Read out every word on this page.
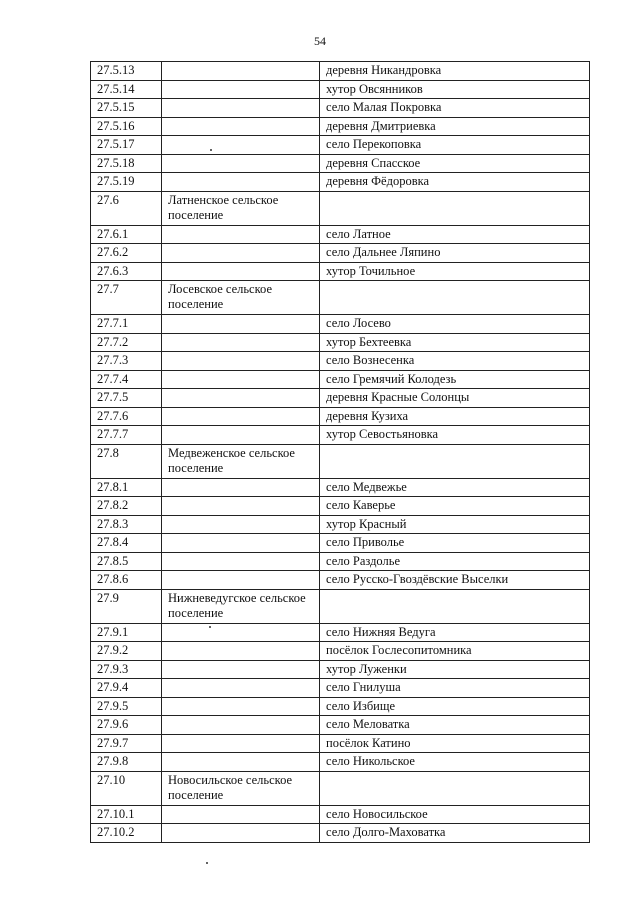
54
27.5.13		деревня Никандровка
27.5.14		хутор Овсянников
27.5.15		село Малая Покровка
27.5.16		деревня Дмитриевка
27.5.17		село Перекоповка
27.5.18		деревня Спасское
27.5.19		деревня Фёдоровка
27.6	Латненское сельское поселение	
27.6.1		село Латное
27.6.2		село Дальнее Ляпино
27.6.3		хутор Точильное
27.7	Лосевское сельское поселение	
27.7.1		село Лосево
27.7.2		хутор Бехтеевка
27.7.3		село Вознесенка
27.7.4		село Гремячий Колодезь
27.7.5		деревня Красные Солонцы
27.7.6		деревня Кузиха
27.7.7		хутор Севостьяновка
27.8	Медвеженское сельское поселение	
27.8.1		село Медвежье
27.8.2		село Каверье
27.8.3		хутор Красный
27.8.4		село Приволье
27.8.5		село Раздолье
27.8.6		село Русско-Гвоздёвские Выселки
27.9	Нижневедугское сельское поселение	
27.9.1		село Нижняя Ведуга
27.9.2		посёлок Гослесопитомника
27.9.3		хутор Луженки
27.9.4		село Гнилуша
27.9.5		село Избище
27.9.6		село Меловатка
27.9.7		посёлок Катино
27.9.8		село Никольское
27.10	Новосильское сельское поселение	
27.10.1		село Новосильское
27.10.2		село Долго-Маховатка
